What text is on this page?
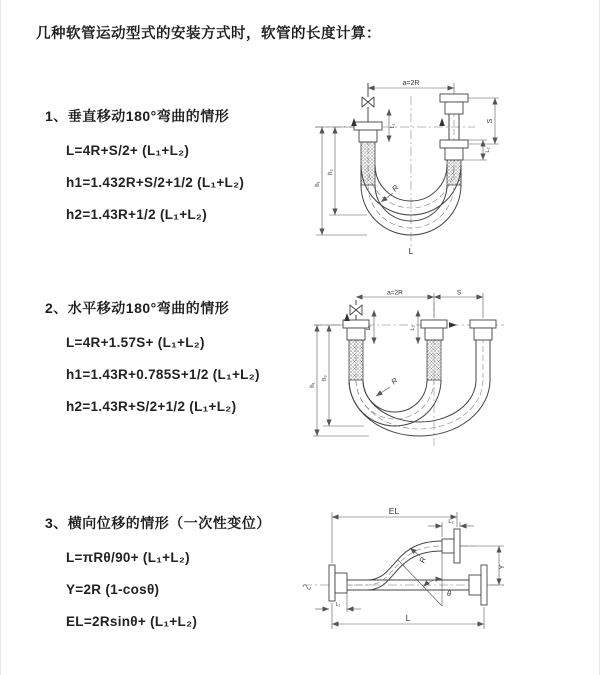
几种软管运动型式的安装方式时，软管的长度计算：
1、垂直移动180°弯曲的情形
L=4R+S/2+ (L₁+L₂)
h1=1.432R+S/2+1/2 (L₁+L₂)
h2=1.43R+1/2 (L₁+L₂)
a=2R
S
L₂
L₁
h₂
h₁	R
L
2、水平移动180°弯曲的情形
L=4R+1.57S+ (L₁+L₂)
h1=1.43R+0.785S+1/2 (L₁+L₂)
h2=1.43R+S/2+1/2 (L₁+L₂)
a=2R	S
L₁	L₂
h₂
h₁	R
3、横向位移的情形（一次性变位）
L=πRθ/90+ (L₁+L₂)
Y=2R (1-cosθ)
EL=2Rsinθ+ (L₁+L₂)
EL
L₂
Y
L₁
L
R
θ
